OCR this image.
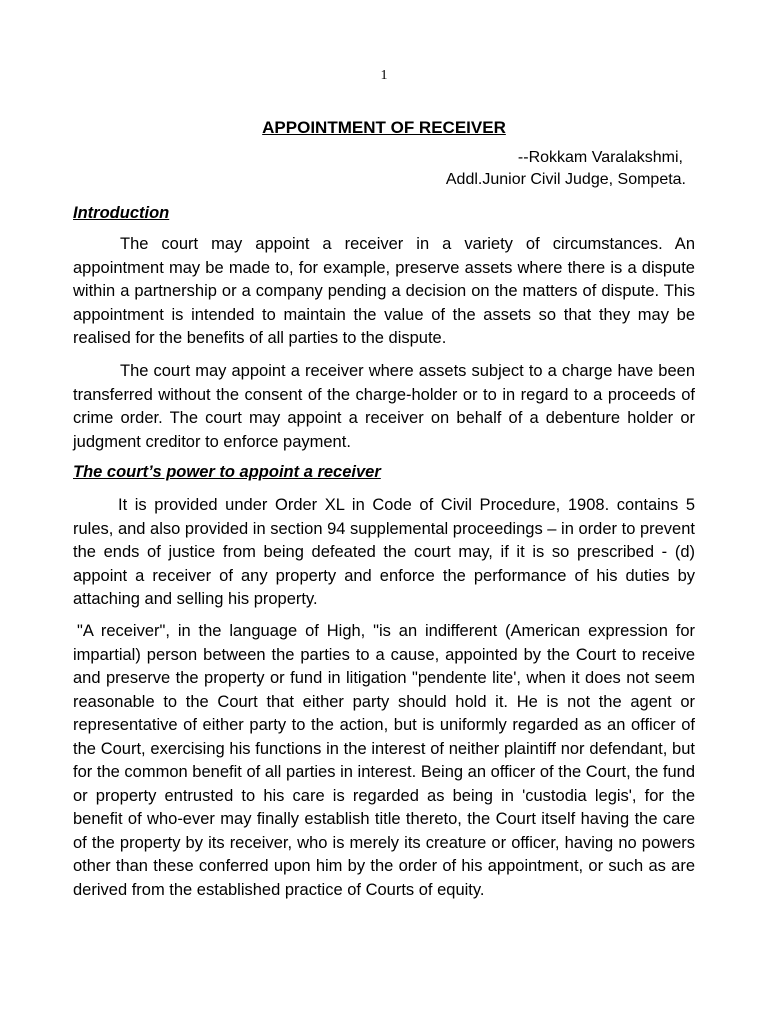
1
APPOINTMENT OF RECEIVER
--Rokkam Varalakshmi,
Addl.Junior Civil Judge, Sompeta.
Introduction

The court may appoint a receiver in a variety of circumstances. An appointment may be made to, for example, preserve assets where there is a dispute within a partnership or a company pending a decision on the matters of dispute. This appointment is intended to maintain the value of the assets so that they may be realised for the benefits of all parties to the dispute.

The court may appoint a receiver where assets subject to a charge have been transferred without the consent of the charge-holder or to in regard to a proceeds of crime order. The court may appoint a receiver on behalf of a debenture holder or judgment creditor to enforce payment.

The court’s power to appoint a receiver

It is provided under Order XL in Code of Civil Procedure, 1908. contains 5 rules, and also provided in section 94 supplemental proceedings – in order to prevent the ends of justice from being defeated the court may, if it is so prescribed - (d) appoint a receiver of any property and enforce the performance of his duties by attaching and selling his property.

"A receiver", in the language of High, "is an indifferent (American expression for impartial) person between the parties to a cause, appointed by the Court to receive and preserve the property or fund in litigation "pendente lite', when it does not seem reasonable to the Court that either party should hold it. He is not the agent or representative of either party to the action, but is uniformly regarded as an officer of the Court, exercising his functions in the interest of neither plaintiff nor defendant, but for the common benefit of all parties in interest. Being an officer of the Court, the fund or property entrusted to his care is regarded as being in 'custodia legis', for the benefit of who-ever may finally establish title thereto, the Court itself having the care of the property by its receiver, who is merely its creature or officer, having no powers other than these conferred upon him by the order of his appointment, or such as are derived from the established practice of Courts of equity.
